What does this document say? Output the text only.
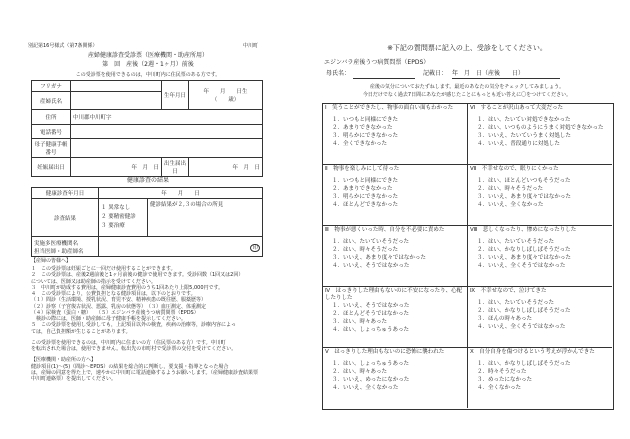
別記第16号様式（第7条関係）	中川町
産婦健康診査受診票（医療機関・助産所用）
第　回　産後（2週・1ヶ月）前後
この受診票を使用できるのは，中川町内に住民票のある方です。
フリガナ		生年月日	年　　月　　日生
（　　歳）

産婦氏名			
住所	中川郡中川町字		
電話番号			
母子健康手帳番号			
妊娠届出日	年　月　日	出生届出日	年　月　日
健康診査の結果
健康診査年月日	年　　月　　日	
診査結果	１ 異常なし
２ 要精密健診
３ 要治療	健診結果が２,３の場合の所見

実施多医療機関名
担当医師・助産師名	印	
【産婦の皆様へ】
１　この受診票は妊娠ごとに一回だけ使用することができます。
２　この受診票は、産後2週前後と1ヶ月前後の健診で使用できます。受診回数（1回又は2回）
については、医師又は助産師の指示を受けてください。
３　中川町が助成する費用は，産婦健康診査費用のうち1回あたり上限5,000円です。
４　この受診票により，公費負担となる健診項目は，以下のとおりです。
（１）問診（生活環境、授乳状況、育児不安、精神疾患の既往歴、服薬歴等）
（２）診察（子宮復古状況、悪露、乳房の状態等）　（３）血圧測定、体重測定
（４）尿検査（蛋白・糖）　　（５）エジンバラ産後うつ病質問票（EPDS）
　検診の際には，医師・助産師に母子健康手帳を提示してください。
５　この受診票を使用し受診しても，上記項目以外の検査，疾病の治療等，診療内容によっ
ては，自己負担額が生じることがあります。
この受診票を使用できるのは，中川町内に住まいの方（住民票のある方）です。中川町
を転出された場合は，使用できません。転出先の市町村で受診票の交付を受けてください。
【医療機関・助産所の方へ】
健診項目(1)～(5)（問診～EPDS）の結果を総合的に判断し，要支援・指導となった場合
は，産婦の同意を得た上で，速やかに中川町に電話連絡するようお願いします。（産婦健康診査結果票
中川町連絡票）を提出してください。
※下記の質問票に記入の上、受診をしてください。
エジンバラ産後うつ病質問票（EPDS）
母氏名：	記載日： 年　月　日（産後　　日）
産後の気分についておたずねします。最近のあなたの気分をチェックしてみましょう。
今日だけでなく過去7日間にあなたが感じたことにもっとも近い答えに〇をつけてください。
Ⅰ　 笑うことができたし、物事の面白い面もわかった
１．いつもと同様にできた
２．あまりできなかった
３．明らかにできなかった
４．全くできなかった
Ⅵ　 することが沢山あって大変だった
１．はい、たいてい対処できなかった
２．はい、いつものようにうまく対処できなかった
３．いいえ、たいていうまく対処した
４．いいえ、普段通りに対処した
Ⅱ　 物事を楽しみにして待った
１．いつもと同様にできた
２．あまりできなかった
３．明らかにできなかった
４．ほとんどできなかった
Ⅶ　 不幸せなので、眠りにくかった
１．はい、ほとんどいつもそうだった
２．はい、時々そうだった
３．いいえ、あまり度々ではなかった
４．いいえ、全くなかった
Ⅲ　 物事が悪くいった時、自分を不必要に責めた
１．はい、たいていそうだった
２．はい、時々そうだった
３．いいえ、あまり度々ではなかった
４．いいえ、そうではなかった
Ⅷ　 悲しくなったり、惨めになったりした
１．はい、たいていそうだった
２．はい、かなりしばしばそうだった
３．いいえ、あまり度々ではなかった
４．いいえ、全くそうではなかった
Ⅳ　 はっきりした理由もないのに不安になったり、心配したりした
１．いいえ、そうではなかった
２．ほとんどそうではなかった
３．はい、時々あった
４．はい、しょっちゅうあった
Ⅸ　 不幸せなので、泣けてきた
１．はい、たいていそうだった
２．はい、かなりしばしばそうだった
３．ほんの時々あった
４．いいえ、全くそうではなかった
Ⅴ　 はっきりした理由もないのに恐怖に襲われた
１．はい、しょっちゅうあった
２．はい、時々あった
３．いいえ、めったになかった
４．いいえ、全くなかった
Ⅹ　 自分自身を傷つけるという考えが浮かんできた
１．はい、かなりしばしばそうだった
２．時々そうだった
３．めったになかった
４．全くなかった
